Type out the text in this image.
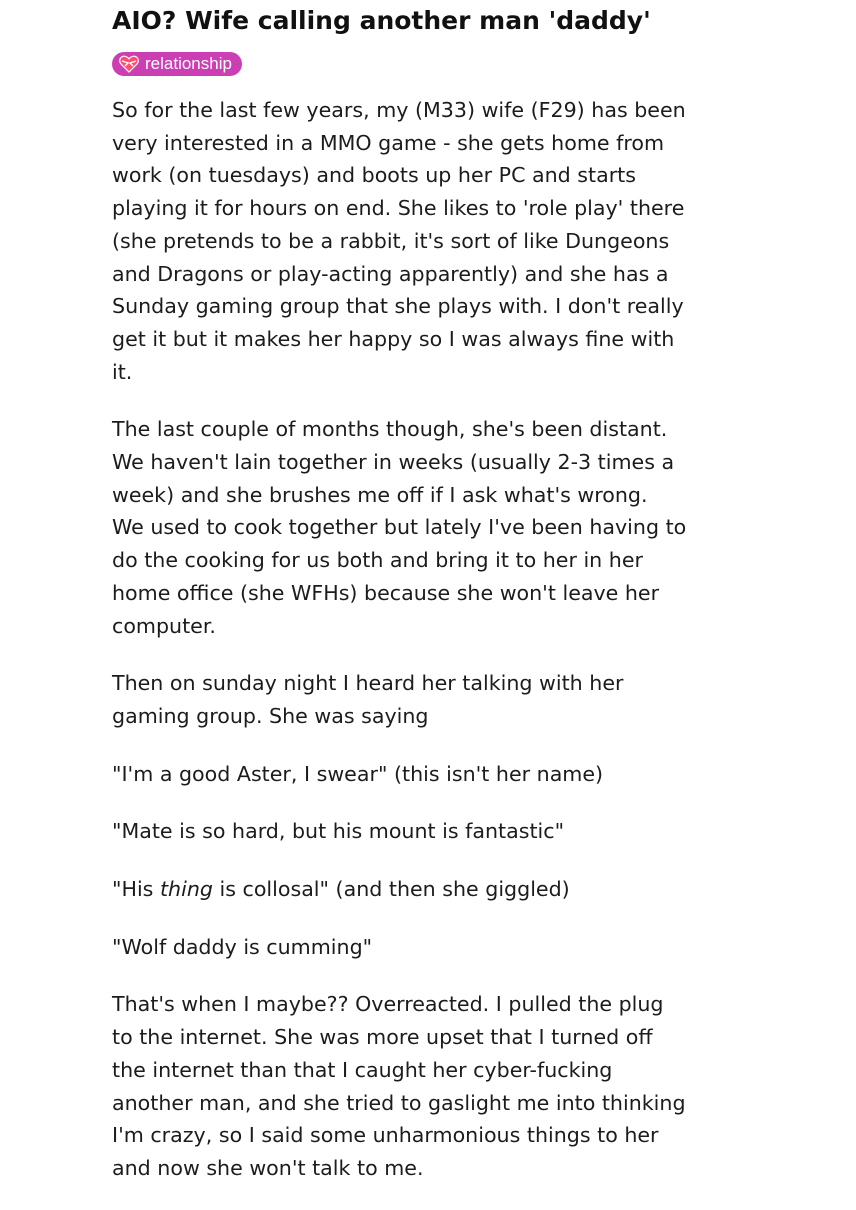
AIO? Wife calling another man 'daddy'
relationship

So for the last few years, my (M33) wife (F29) has been
very interested in a MMO game - she gets home from
work (on tuesdays) and boots up her PC and starts
playing it for hours on end. She likes to 'role play' there
(she pretends to be a rabbit, it's sort of like Dungeons
and Dragons or play-acting apparently) and she has a
Sunday gaming group that she plays with. I don't really
get it but it makes her happy so I was always fine with
it.

The last couple of months though, she's been distant.
We haven't lain together in weeks (usually 2-3 times a
week) and she brushes me off if I ask what's wrong.
We used to cook together but lately I've been having to
do the cooking for us both and bring it to her in her
home office (she WFHs) because she won't leave her
computer.

Then on sunday night I heard her talking with her
gaming group. She was saying

"I'm a good Aster, I swear" (this isn't her name)

"Mate is so hard, but his mount is fantastic"

"His thing is collosal" (and then she giggled)

"Wolf daddy is cumming"

That's when I maybe?? Overreacted. I pulled the plug
to the internet. She was more upset that I turned off
the internet than that I caught her cyber-fucking
another man, and she tried to gaslight me into thinking
I'm crazy, so I said some unharmonious things to her
and now she won't talk to me.
